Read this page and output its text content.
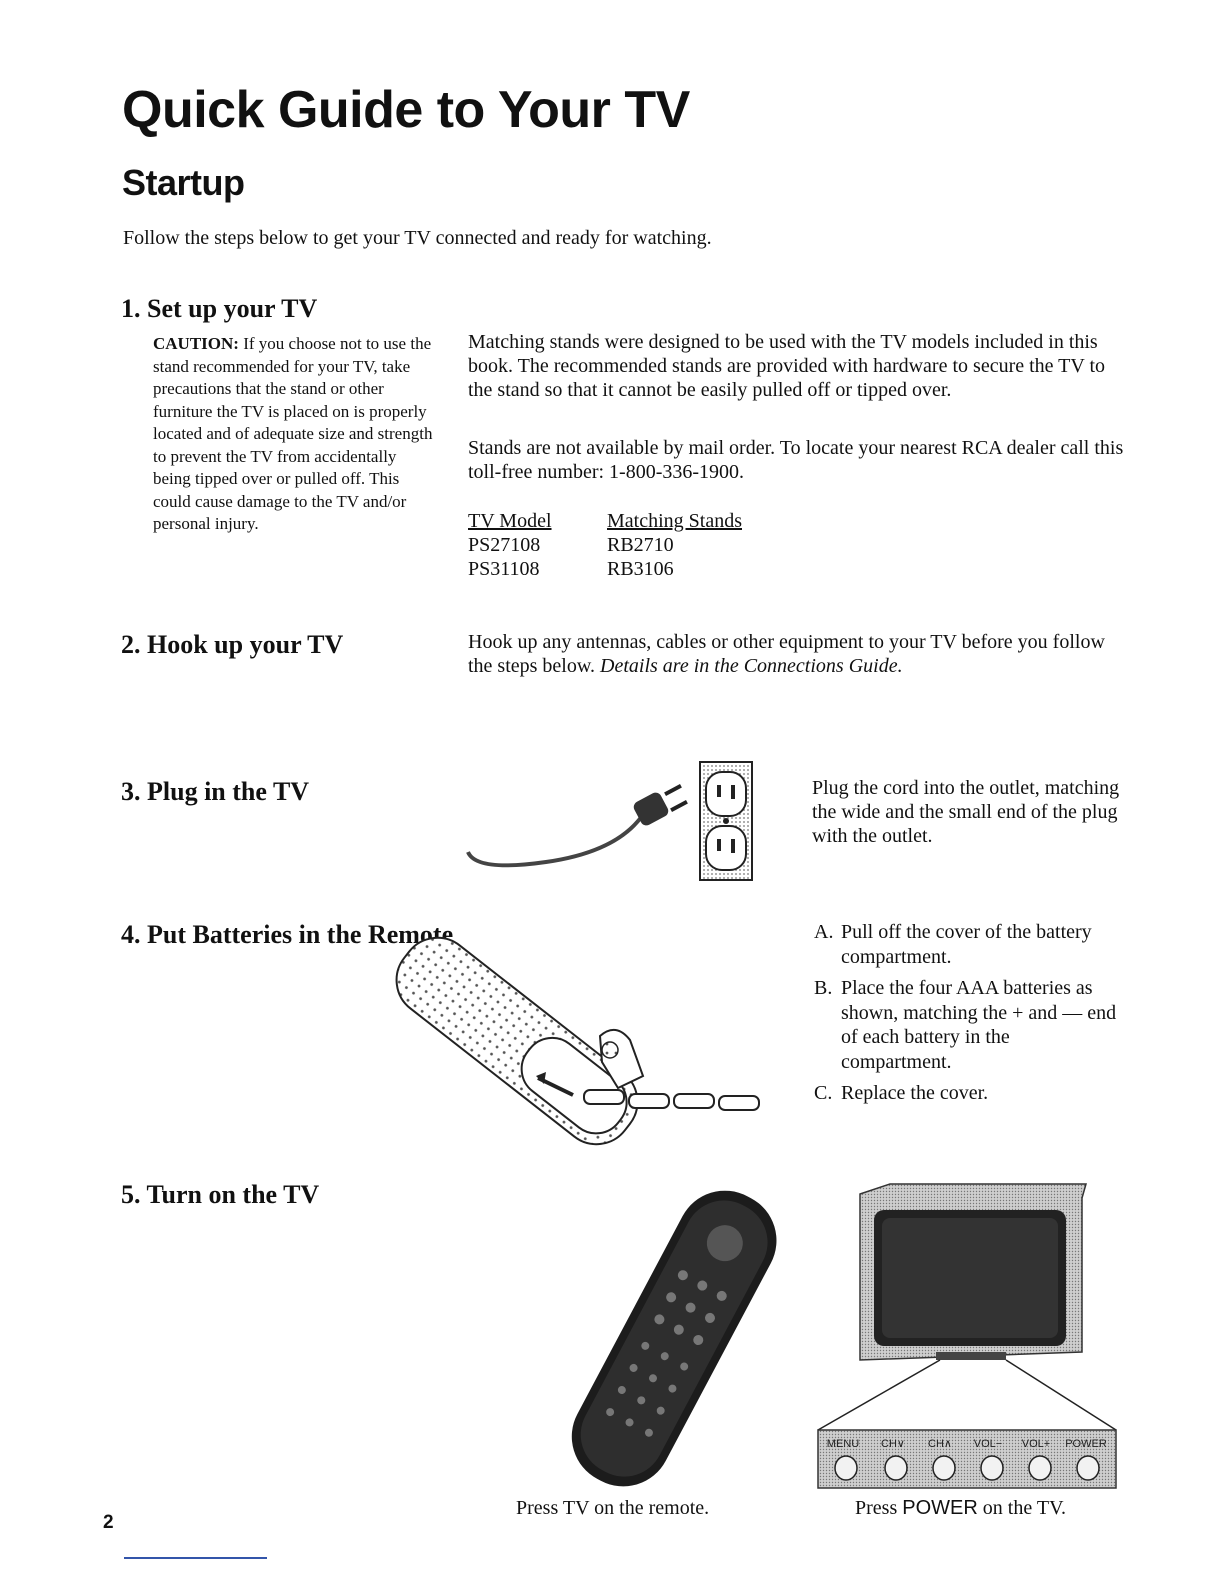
Quick Guide to Your TV
Startup

Follow the steps below to get your TV connected and ready for watching.

1. Set up your TV

CAUTION: If you choose not to use the stand recommended for your TV, take precautions that the stand or other furniture the TV is placed on is properly located and of adequate size and strength to prevent the TV from accidentally being tipped over or pulled off. This could cause damage to the TV and/or personal injury.

Matching stands were designed to be used with the TV models included in this book. The recommended stands are provided with hardware to secure the TV to the stand so that it cannot be easily pulled off or tipped over.

Stands are not available by mail order. To locate your nearest RCA dealer call this toll-free number: 1-800-336-1900.

TV Model	Matching Stands
PS27108	RB2710
PS31108	RB3106
2. Hook up your TV	Hook up any antennas, cables or other equipment to your TV before you follow the steps below. Details are in the Connections Guide.

3. Plug in the TV	Plug the cord into the outlet, matching the wide and the small end of the plug with the outlet.

4. Put Batteries in the Remote	A. Pull off the cover of the battery compartment.
B. Place the four AAA batteries as shown, matching the + and — end of each battery in the compartment.
C. Replace the cover.
5. Turn on the TV

Press TV on the remote.

MENU CH∨ CH∧ VOL− VOL+ POWER

Press POWER on the TV.

2
